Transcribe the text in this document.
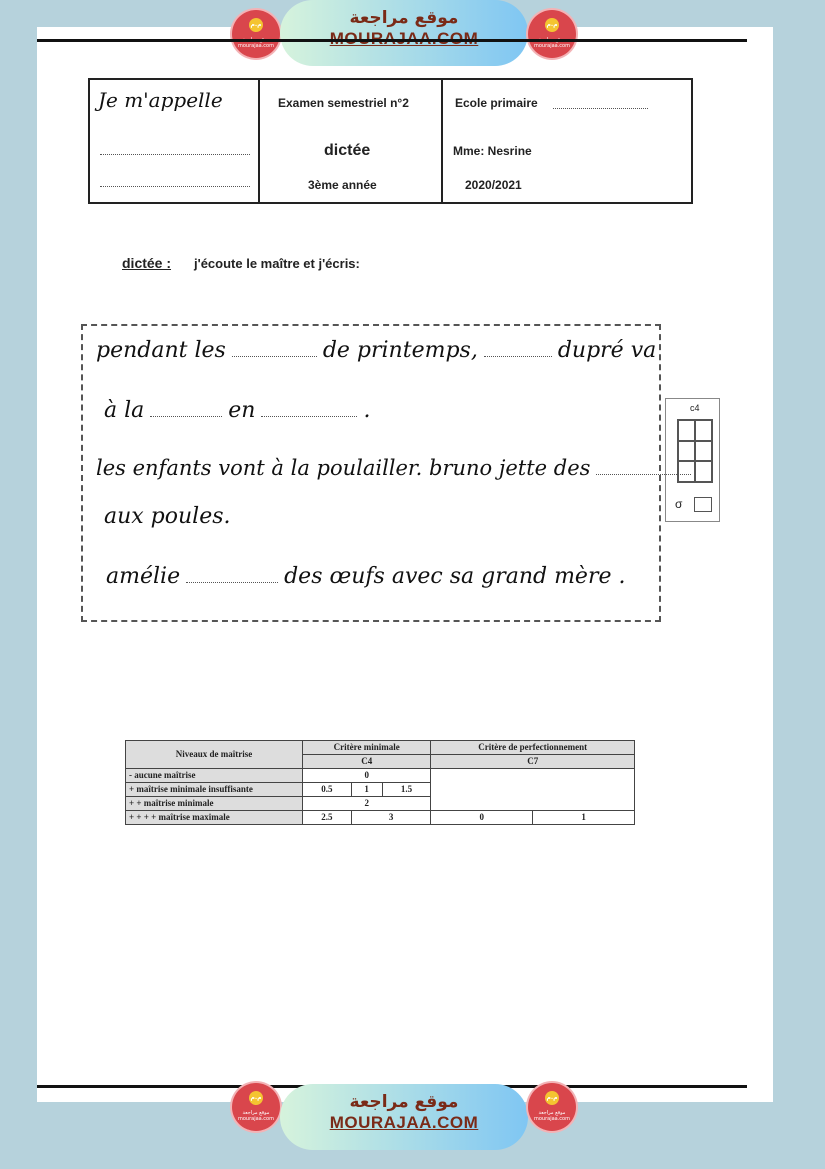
م.م
mourajaa.com
موقع مراجعة	م.م
mourajaa.com
Je m'appelle	Examen semestriel n°2
dictée
3ème année
Ecole primaire
Mme: Nesrine
2020/2021
dictée : j'écoute le maître et j'écris:
pendant les	de printemps,	dupré va
à la	en	.
les enfants vont à la poulailler. bruno jette des
aux poules.
amélie	des œufs avec sa grand mère .
c4
σ
Niveaux de maîtrise	Critère minimale			Critère de perfectionnement	
	C4			C7	
- aucune maîtrise	0				
+ maîtrise minimale insuffisante	0.5	1	1.5		
+ + maîtrise minimale	2				
+ + + + maîtrise maximale	2.5	3		0	1
م.م
موقع مراجعة mourajaa.com
موقع مراجعة
MOURAJAA.COM
م.م
موقع مراجعة mourajaa.com
